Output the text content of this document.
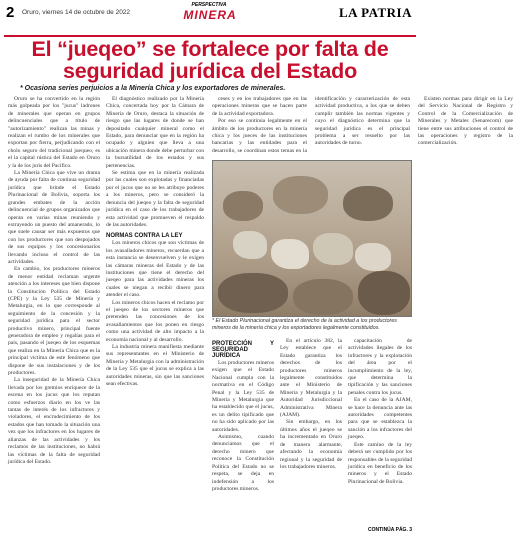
2 Oruro, viernes 14 de octubre de 2022
PERSPECTIVA
MINERA	LA PATRIA
El “jueqeo” se fortalece por falta de seguridad jurídica del Estado
* Ocasiona series perjuicios a la Minería Chica y los exportadores de minerales.

Oruro se ha convertido en la región más golpeada por los "jucus" ladrones de minerales que operan en grupos delincuenciales que a título de "autorizamiento" realizan las minas y realizan el rumbo de los minerales que exportan por fierra, perjudicando con el cholo seguro del tradicional juequeo, es el la capital rústica del Estado en Oruro y la de los juris del Pacífico.

La Minería Chica que vive un drama de ayuda por falta de continua seguridad jurídica que brinde el Estado Plurinacional de Bolivia, soporta los grandes embates de la acción delincuencial de grupos organizados que operan en varias minas reuniendo y extrayendo un puesto del amanerado, lo que suele causar ser más expuestos que con los productores que son despojados de sus equipos y los concesionarios llevando incluso el control de las actividades.

En cambio, los productores mineros de menor entidad reclaman urgente atención a los intereses que bien dispone la Constitución Política del Estado (CPE) y la Ley 535 de Minería y Metalurgia, en lo que corresponde al seguimiento de la concesión y la seguridad jurídica para el sector productivo minero, principal fuente generadora de empleo y regalías para el país, pasando el jueqeo de los esquemas que realiza en la Minería Chica que es la principal víctima de este fenómeno que dispone de sus instalaciones y de los productores.

La inseguridad de la Minería Chica llevada por los gremios enriquece de la escena en los jucus que los reputan como esfuerzos diario en los ve las tantas de interés de los infractores y violadores, el encrudecimiento de los estados que han tomado la situación una vez que los infractores en los lugares de alianzas de las actividades y los reclamos de las instituciones, no habrá las víctimas de la falta de seguridad jurídica del Estado.

El diagnóstico realizado por la Minería Chica, concertada hoy por la Cámara de Minería de Oruro, destaca la situación de riesgo que las lugares de donde se han depositado cualquier mineral como el Estado, para denunciar que en la región ha ocupado y alguien que lleva a una ubicación minera donde debe perturbar con la bursatilidad de los estados y sus pertenencias.

Se estima que en la minería realizada por las cuales son explotadas y financiadas por el jucus que no se les atribuye poderes a los mineros, pero se consideró la denuncia del jueqeo y la falta de seguridad jurídica en el caso de los trabajadores de esta actividad que promueven el respaldo de las autoridades.

NORMAS CONTRA LA LEY

Los mineros chicos que son víctimas de los avasalladores mineros, recuerdan que a esta instancia se desenvuelven y le exigen las cámaras mineras del Estado y de las instituciones que tiene el derecho del jueqeo para las actividades mineras los cuales se niegan a recibir dinero para atender el caso.

Los mineros chicos hacen el reclamo por el jueqeo de los sectores mineros que pretenden las concesiones de los avasallamientos que los ponen en riesgo como una actividad de alto impacto a la economía nacional y al desarrollo.

La industria minera manifiesta mediante sus representantes en el Ministerio de Minería y Metalurgia con la administración de la Ley 535 que el jucus se explica a las autoridades mineras, sin que las sanciones sean efectivas.

ceses y en los trabajadores que en las operaciones mineras que se hacen parte de la actividad exportadora.

Por eso se continúa legalmente en el ámbito de los productores en la minería chica y los jueces de las instituciones bancarias y las entidades para el desarrollo, se coordinan estos temas en la identificación y caracterización de esta actividad productiva, a los que se deben cumplir también las normas vigentes y cuyo el diagnóstico determina que la seguridad jurídica es el principal problema a ser resuelto por las autoridades de turno.

Existen normas para dirigir en la Ley del Servicio Nacional de Registro y Control de la Comercialización de Minerales y Metales (Senarecom) que tiene entre sus atribuciones el control de las operaciones y registro de la comercialización.

* El Estado Plurinacional garantiza el derecho de la actividad a los productores mineros de la minería chica y los exportadores legalmente constituidos.
PROTECCIÓN Y SEGURIDAD JURÍDICA

Los productores mineros exigen que el Estado Nacional cumpla con la normativa en el Código Penal y la Ley 535 de Minería y Metalurgia que ha establecido que el jucus, es un delito tipificado que no ha sido aplicado por las autoridades.

Asimismo, cuando denunciamos que el derecho minero que reconoce la Constitución Política del Estado no se respeta, se deja en indefensión a los productores mineros.

En el artículo 382, la Ley establece que el Estado garantiza los derechos de los productores mineros legalmente constituidos ante el Ministerio de Minería y Metalurgia y la Autoridad Jurisdiccional Administrativa Minera (AJAM).

Sin embargo, en los últimos años el jueqeo se ha incrementado en Oruro de manera alarmante, afectando la economía regional y la seguridad de los trabajadores mineros.

capacitación de actividades ilegales de los infractores y la explotación del área por el incumplimiento de la ley, que determina la tipificación y las sanciones penales contra los jucus.

En el caso de la AJAM, se hace la denuncia ante las autoridades competentes para que se establezca la sanción a los infractores del jueqeo.

Este camino de la ley deberá ser cumplido por los responsables de la seguridad jurídica en beneficio de los mineros y el Estado Plurinacional de Bolivia.

CONTINÚA PÁG. 3
